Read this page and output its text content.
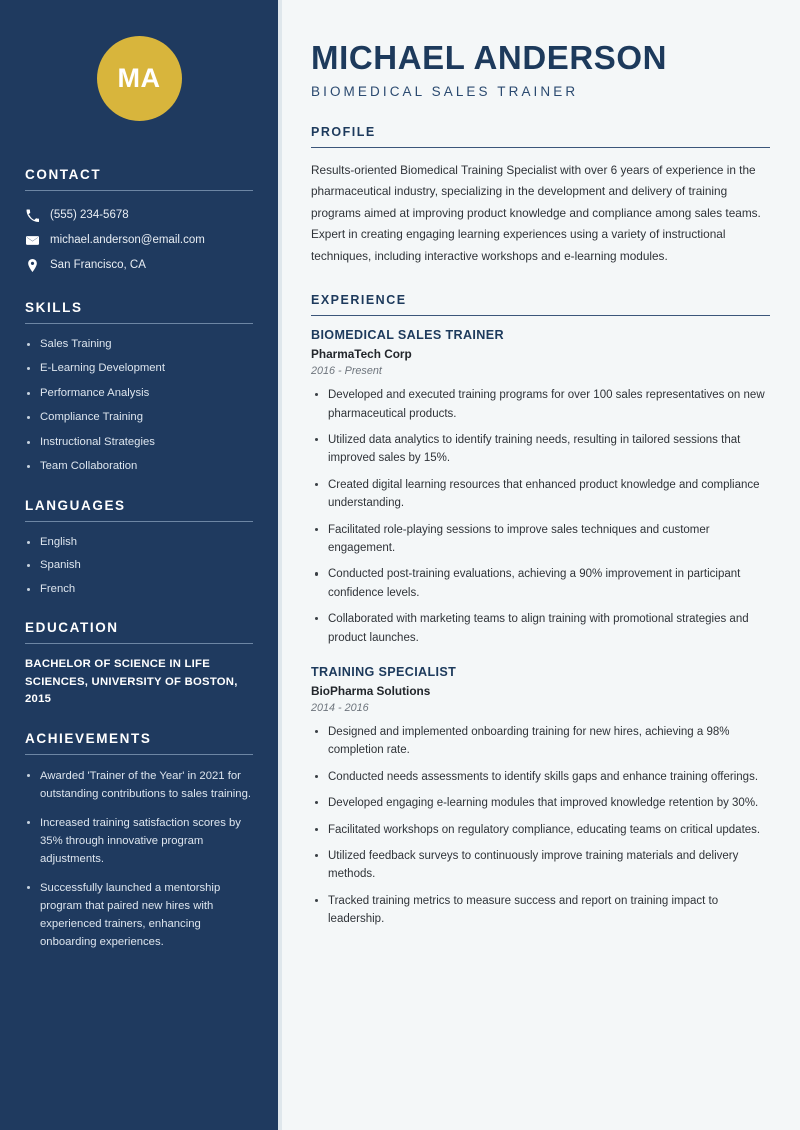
MA
CONTACT
(555) 234-5678
michael.anderson@email.com
San Francisco, CA
SKILLS
Sales Training
E-Learning Development
Performance Analysis
Compliance Training
Instructional Strategies
Team Collaboration
LANGUAGES
English
Spanish
French
EDUCATION
BACHELOR OF SCIENCE IN LIFE SCIENCES, UNIVERSITY OF BOSTON, 2015
ACHIEVEMENTS
Awarded 'Trainer of the Year' in 2021 for outstanding contributions to sales training.
Increased training satisfaction scores by 35% through innovative program adjustments.
Successfully launched a mentorship program that paired new hires with experienced trainers, enhancing onboarding experiences.
MICHAEL ANDERSON
BIOMEDICAL SALES TRAINER
PROFILE

Results-oriented Biomedical Training Specialist with over 6 years of experience in the pharmaceutical industry, specializing in the development and delivery of training programs aimed at improving product knowledge and compliance among sales teams. Expert in creating engaging learning experiences using a variety of instructional techniques, including interactive workshops and e-learning modules.

EXPERIENCE
BIOMEDICAL SALES TRAINER
PharmaTech Corp
2016 - Present
Developed and executed training programs for over 100 sales representatives on new pharmaceutical products.
Utilized data analytics to identify training needs, resulting in tailored sessions that improved sales by 15%.
Created digital learning resources that enhanced product knowledge and compliance understanding.
Facilitated role-playing sessions to improve sales techniques and customer engagement.
Conducted post-training evaluations, achieving a 90% improvement in participant confidence levels.
Collaborated with marketing teams to align training with promotional strategies and product launches.
TRAINING SPECIALIST
BioPharma Solutions
2014 - 2016
Designed and implemented onboarding training for new hires, achieving a 98% completion rate.
Conducted needs assessments to identify skills gaps and enhance training offerings.
Developed engaging e-learning modules that improved knowledge retention by 30%.
Facilitated workshops on regulatory compliance, educating teams on critical updates.
Utilized feedback surveys to continuously improve training materials and delivery methods.
Tracked training metrics to measure success and report on training impact to leadership.
